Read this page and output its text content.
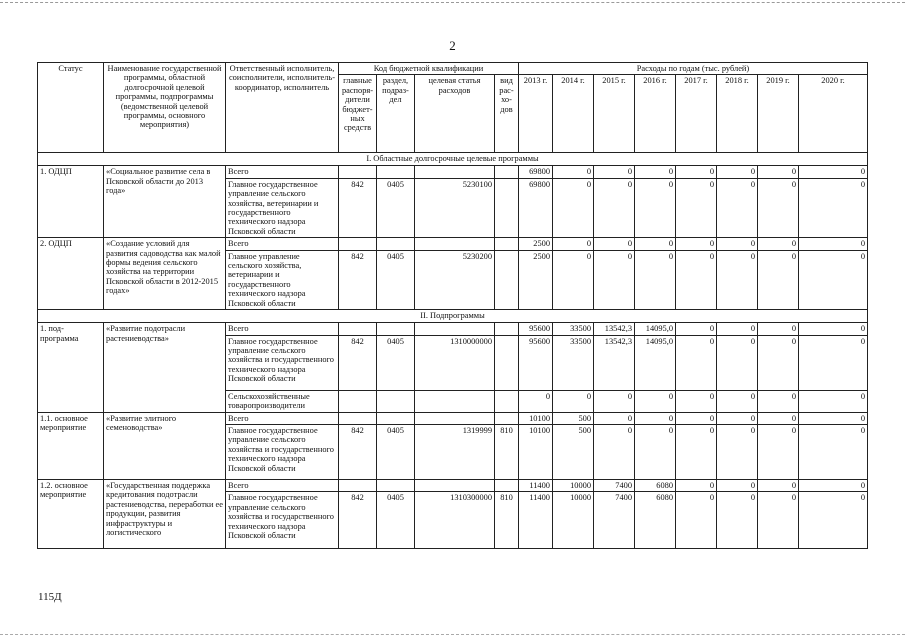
2
Статус	Наименование государственной программы, областной долгосрочной целевой программы, подпрограммы (ведомственной целевой программы, основного мероприятия)	Ответственный исполнитель, соисполнители, исполнитель-координатор, исполнитель	Код бюджетной квалификации				Расходы по годам (тыс. рублей)							
			главные распоря-дители бюджет-ных средств	раздел, подраз-дел	целевая статья расходов	вид рас-хо-дов	2013 г.	2014 г.	2015 г.	2016 г.	2017 г.	2018 г.	2019 г.	2020 г.
I. Областные долгосрочные целевые программы														
1. ОДЦП	«Социальное развитие села в Псковской области до 2013 года»	Всего					69800	0	0	0	0	0	0	0
		Главное государственное управление сельского хозяйства, ветеринарии и государственного технического надзора Псковской области	842	0405	5230100		69800	0	0	0	0	0	0	0
2. ОДЦП	«Создание условий для развития садоводства как малой формы ведения сельского хозяйства на территории Псковской области в 2012-2015 годах»	Всего					2500	0	0	0	0	0	0	0
		Главное управление сельского хозяйства, ветеринарии и государственного технического надзора Псковской области	842	0405	5230200		2500	0	0	0	0	0	0	0
II. Подпрограммы														
1. под-программа	«Развитие подотрасли растениеводства»	Всего					95600	33500	13542,3	14095,0	0	0	0	0
		Главное государственное управление сельского хозяйства и государственного технического надзора Псковской области	842	0405	1310000000		95600	33500	13542,3	14095,0	0	0	0	0
		Сельскохозяйственные товаропроизводители					0	0	0	0	0	0	0	0
1.1. основное мероприятие	«Развитие элитного семеноводства»	Всего					10100	500	0	0	0	0	0	0
		Главное государственное управление сельского хозяйства и государственного технического надзора Псковской области	842	0405	1319999	810	10100	500	0	0	0	0	0	0
1.2. основное мероприятие	«Государственная поддержка кредитования подотрасли растениеводства, переработки ее продукции, развития инфраструктуры и логистического	Всего					11400	10000	7400	6080	0	0	0	0
		Главное государственное управление сельского хозяйства и государственного технического надзора Псковской области	842	0405	1310300000	810	11400	10000	7400	6080	0	0	0	0
115Д
